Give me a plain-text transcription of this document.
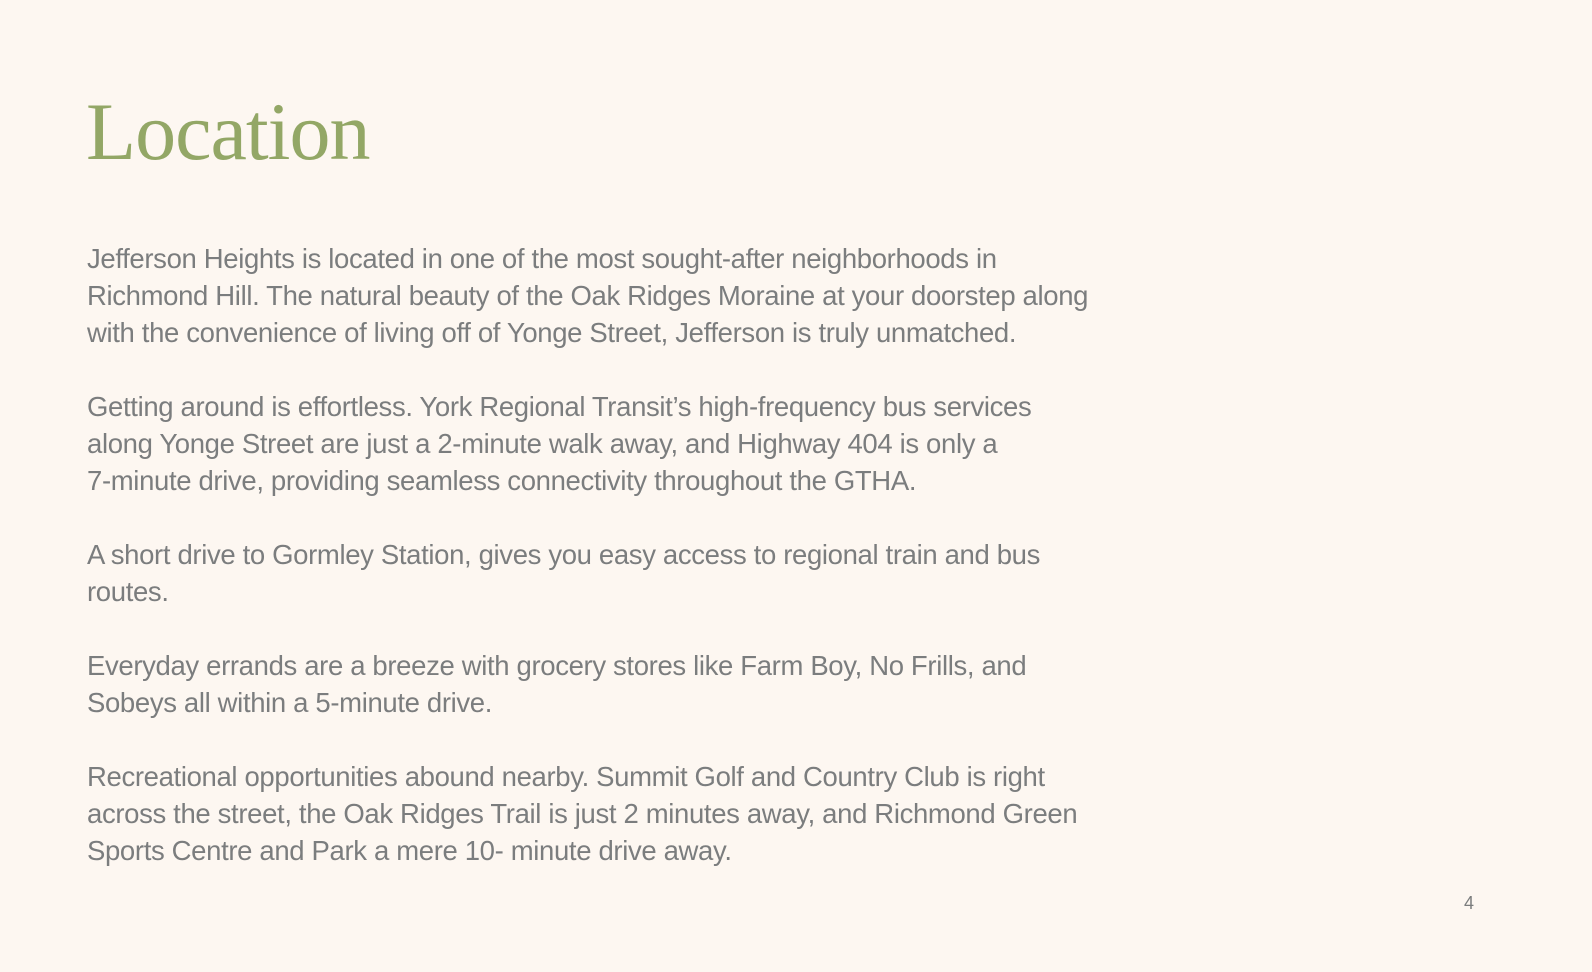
Location

Jefferson Heights is located in one of the most sought-after neighborhoods in
Richmond Hill. The natural beauty of the Oak Ridges Moraine at your doorstep along
with the convenience of living off of Yonge Street, Jefferson is truly unmatched.

Getting around is effortless. York Regional Transit’s high-frequency bus services
along Yonge Street are just a 2-minute walk away, and Highway 404 is only a
7-minute drive, providing seamless connectivity throughout the GTHA.

A short drive to Gormley Station, gives you easy access to regional train and bus
routes.

Everyday errands are a breeze with grocery stores like Farm Boy, No Frills, and
Sobeys all within a 5-minute drive.

Recreational opportunities abound nearby. Summit Golf and Country Club is right
across the street, the Oak Ridges Trail is just 2 minutes away, and Richmond Green
Sports Centre and Park a mere 10- minute drive away.

4
